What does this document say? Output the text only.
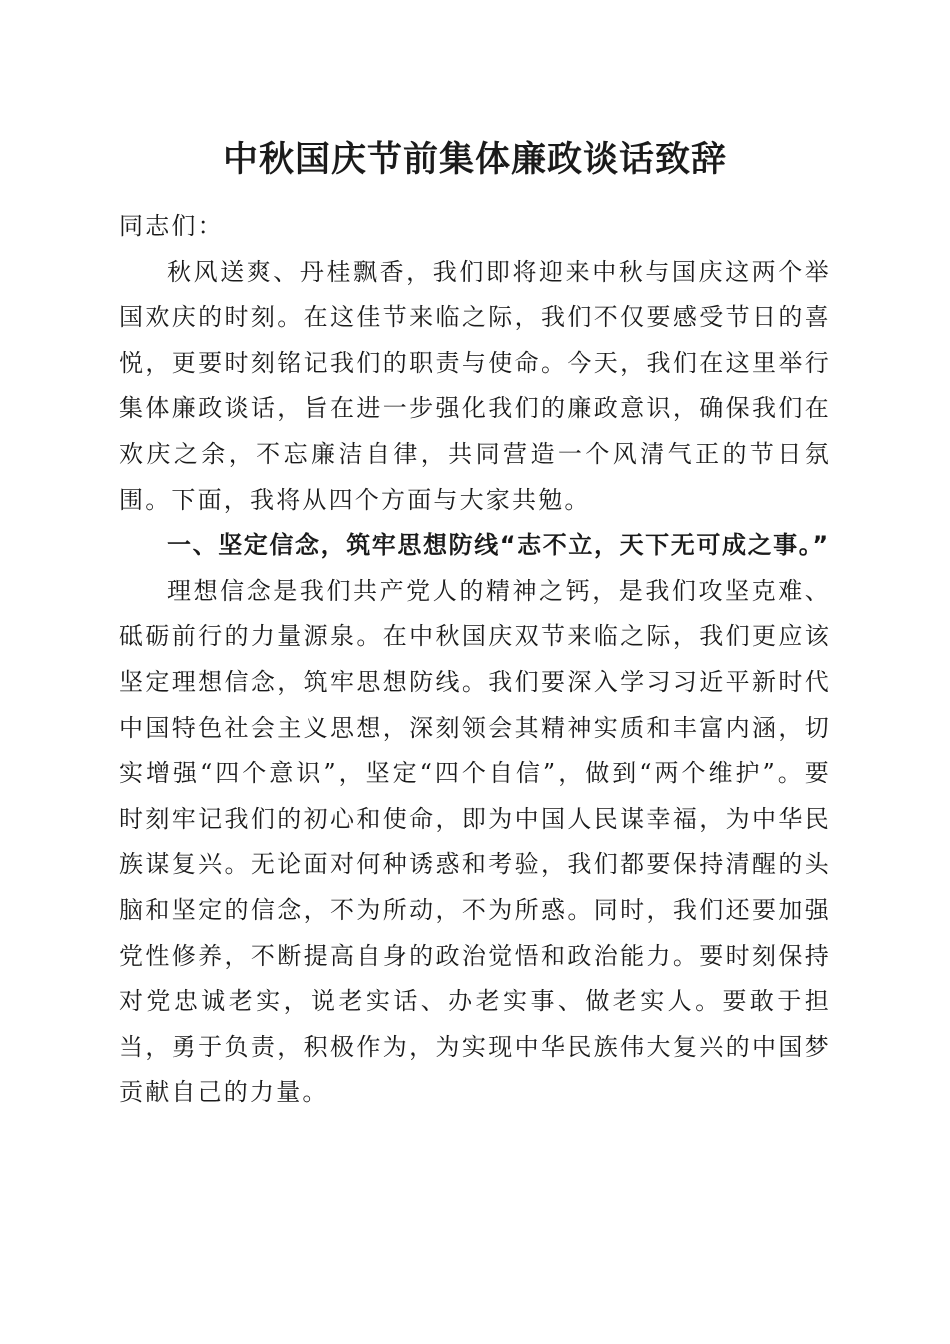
中秋国庆节前集体廉政谈话致辞

同志们：

秋风送爽、丹桂飘香，我们即将迎来中秋与国庆这两个举国欢庆的时刻。在这佳节来临之际，我们不仅要感受节日的喜悦，更要时刻铭记我们的职责与使命。今天，我们在这里举行集体廉政谈话，旨在进一步强化我们的廉政意识，确保我们在欢庆之余，不忘廉洁自律，共同营造一个风清气正的节日氛围。下面，我将从四个方面与大家共勉。

一、坚定信念，筑牢思想防线“志不立，天下无可成之事。”

理想信念是我们共产党人的精神之钙，是我们攻坚克难、砥砺前行的力量源泉。在中秋国庆双节来临之际，我们更应该坚定理想信念，筑牢思想防线。我们要深入学习习近平新时代中国特色社会主义思想，深刻领会其精神实质和丰富内涵，切实增强“四个意识”，坚定“四个自信”，做到“两个维护”。要时刻牢记我们的初心和使命，即为中国人民谋幸福，为中华民族谋复兴。无论面对何种诱惑和考验，我们都要保持清醒的头脑和坚定的信念，不为所动，不为所惑。同时，我们还要加强党性修养，不断提高自身的政治觉悟和政治能力。要时刻保持对党忠诚老实，说老实话、办老实事、做老实人。要敢于担当，勇于负责，积极作为，为实现中华民族伟大复兴的中国梦贡献自己的力量。
